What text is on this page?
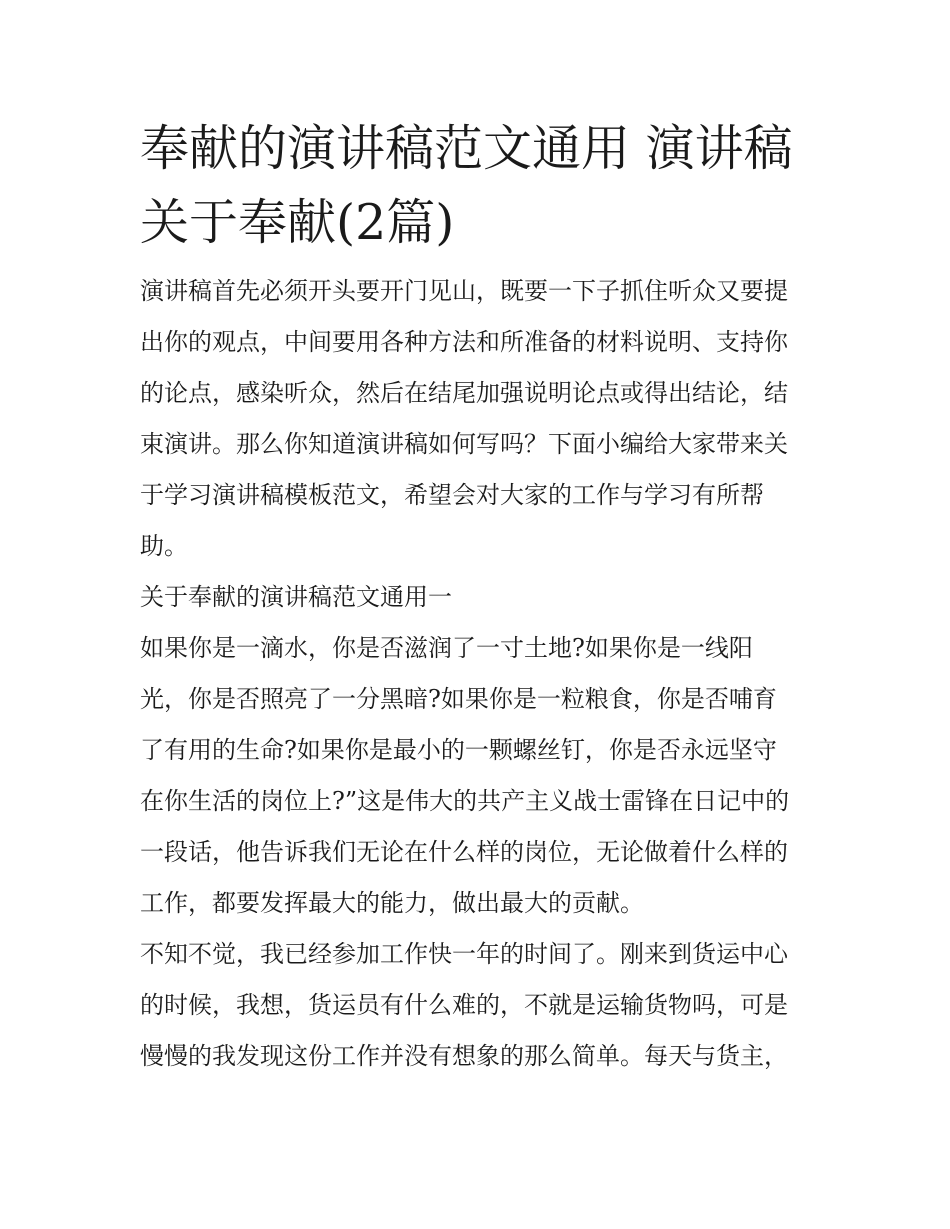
奉献的演讲稿范文通用 演讲稿
关于奉献(2篇)

演讲稿首先必须开头要开门见山，既要一下子抓住听众又要提

出你的观点，中间要用各种方法和所准备的材料说明、支持你

的论点，感染听众，然后在结尾加强说明论点或得出结论，结

束演讲。那么你知道演讲稿如何写吗？下面小编给大家带来关

于学习演讲稿模板范文，希望会对大家的工作与学习有所帮

助。

关于奉献的演讲稿范文通用一

如果你是一滴水，你是否滋润了一寸土地?如果你是一线阳

光，你是否照亮了一分黑暗?如果你是一粒粮食，你是否哺育

了有用的生命?如果你是最小的一颗螺丝钉，你是否永远坚守

在你生活的岗位上?”这是伟大的共产主义战士雷锋在日记中的

一段话，他告诉我们无论在什么样的岗位，无论做着什么样的

工作，都要发挥最大的能力，做出最大的贡献。

不知不觉，我已经参加工作快一年的时间了。刚来到货运中心

的时候，我想，货运员有什么难的，不就是运输货物吗，可是

慢慢的我发现这份工作并没有想象的那么简单。每天与货主，
